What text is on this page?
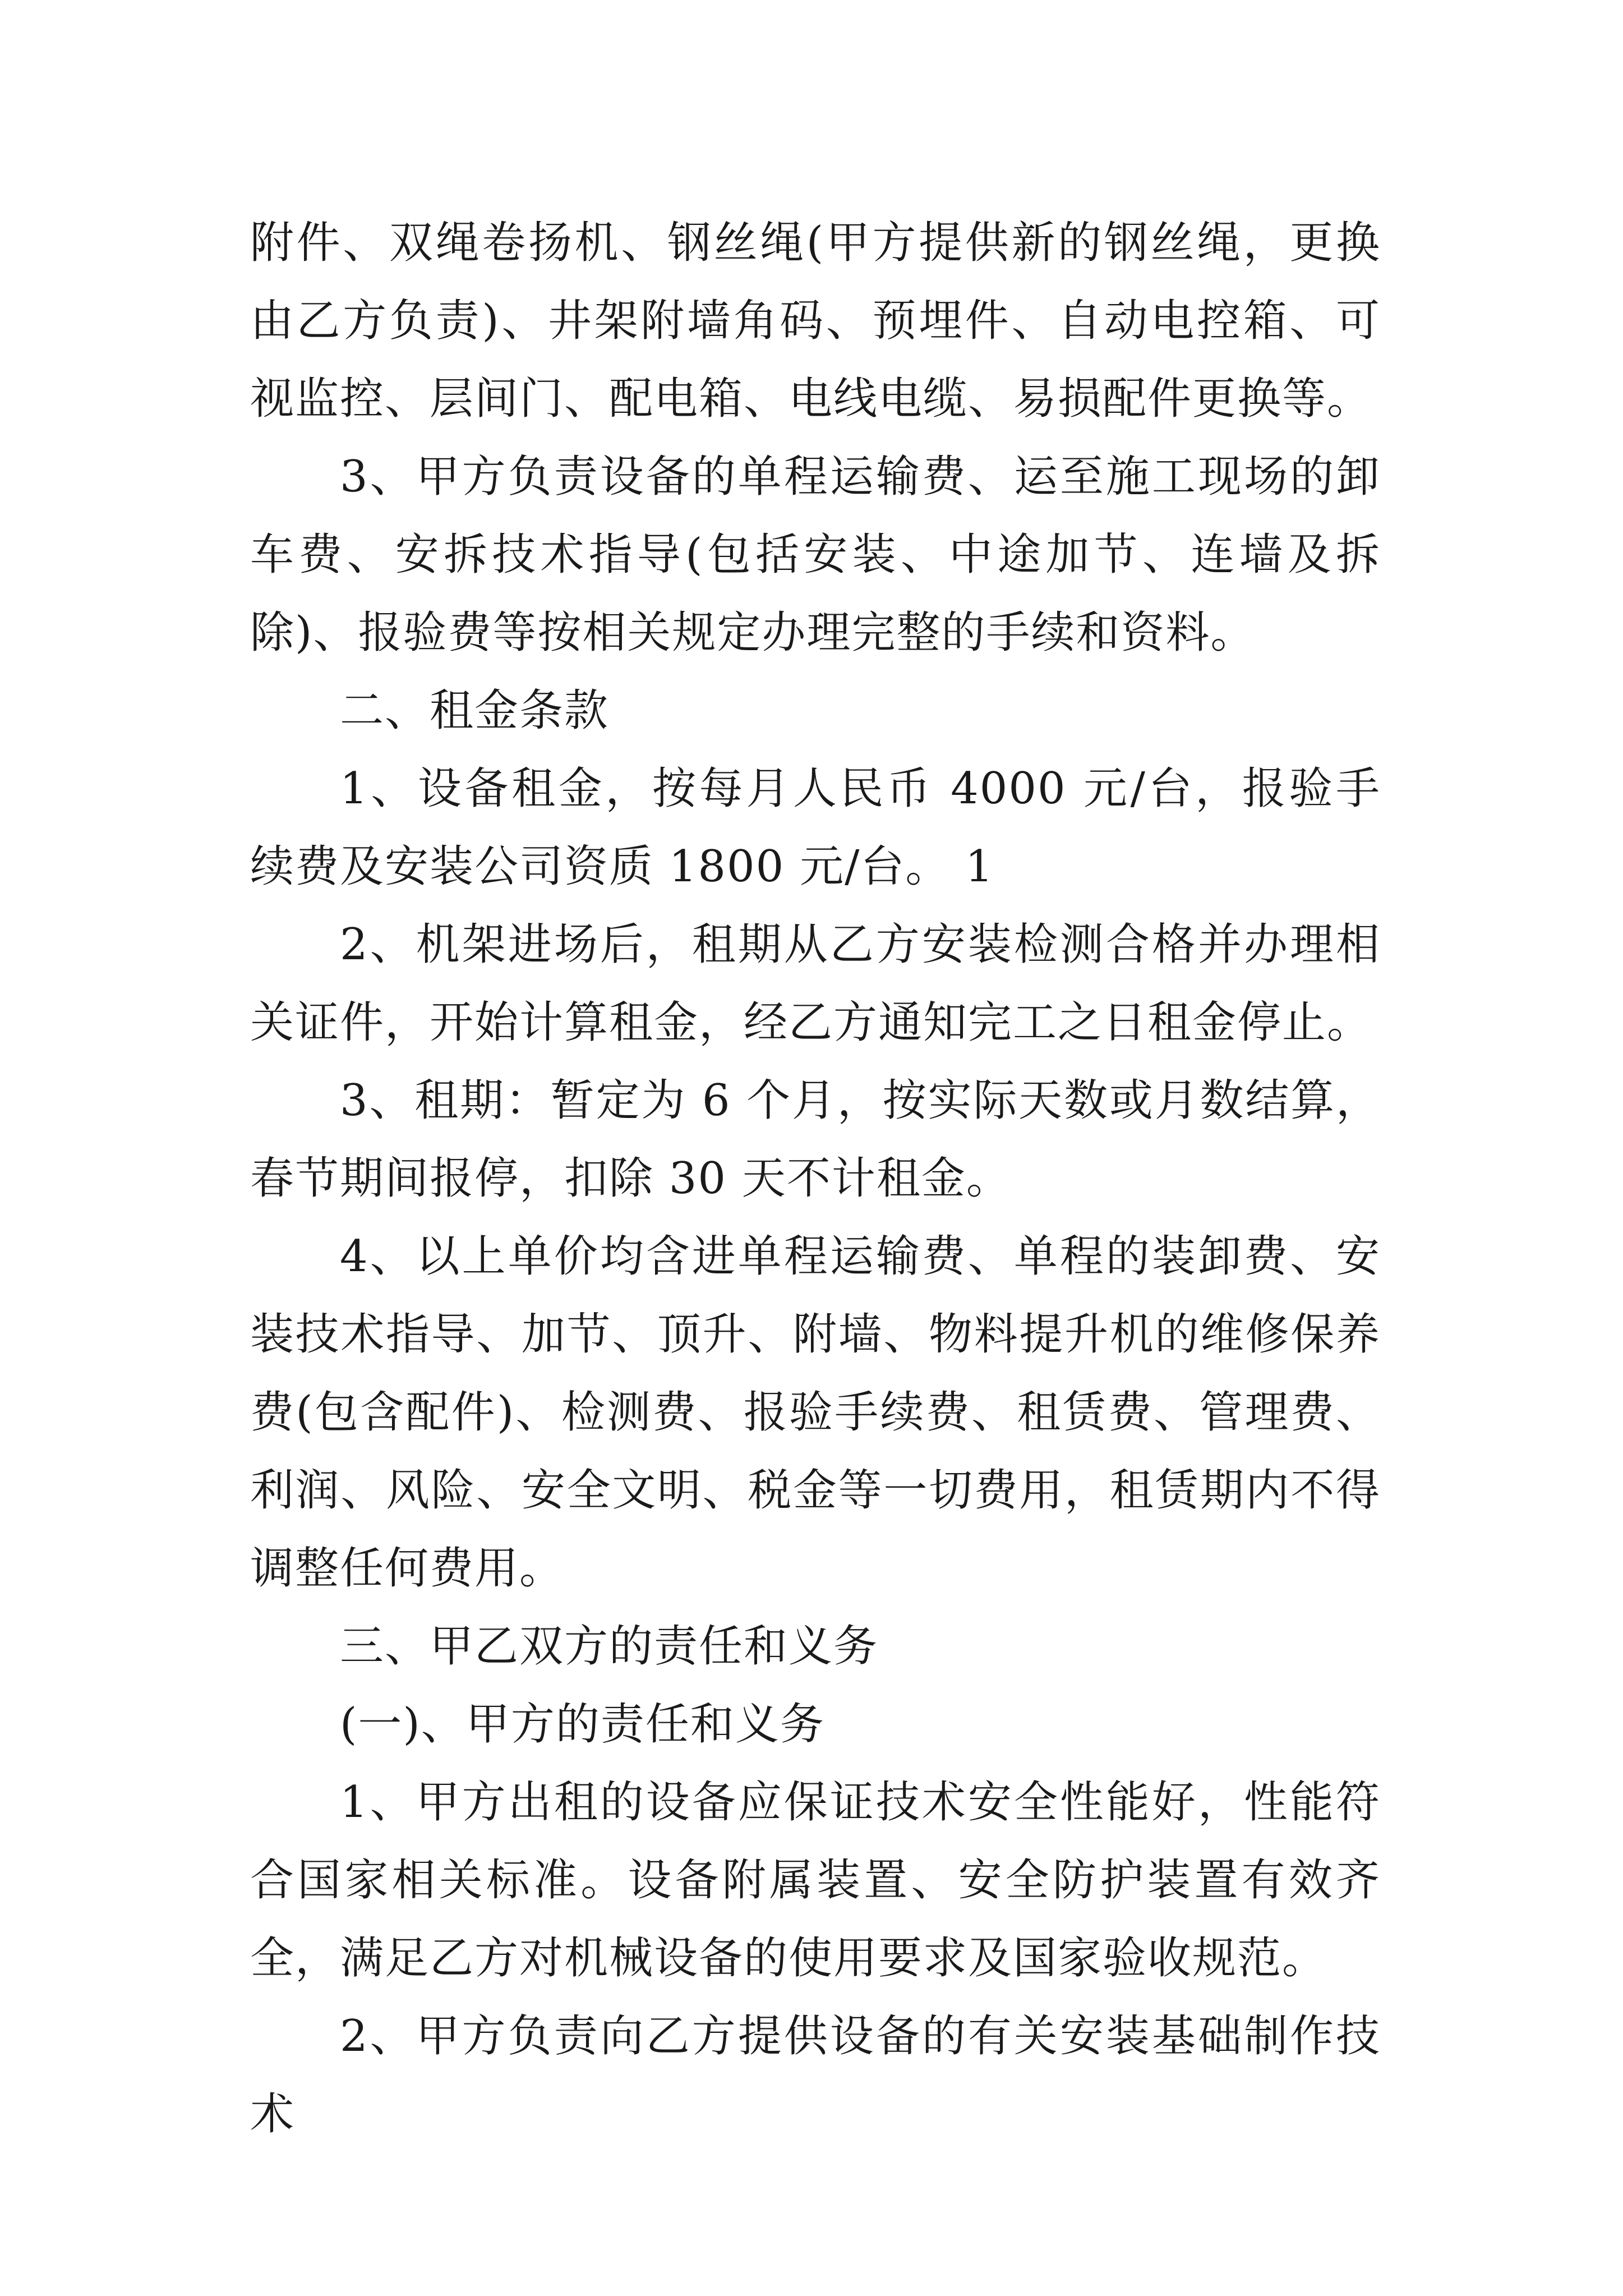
附件、双绳卷扬机、钢丝绳(甲方提供新的钢丝绳，更换由乙方负责)、井架附墙角码、预埋件、自动电控箱、可视监控、层间门、配电箱、电线电缆、易损配件更换等。

3、甲方负责设备的单程运输费、运至施工现场的卸车费、安拆技术指导(包括安装、中途加节、连墙及拆除)、报验费等按相关规定办理完整的手续和资料。

二、租金条款

1、设备租金，按每月人民币 4000 元/台，报验手续费及安装公司资质 1800 元/台。 1

2、机架进场后，租期从乙方安装检测合格并办理相关证件，开始计算租金，经乙方通知完工之日租金停止。

3、租期：暂定为 6 个月，按实际天数或月数结算，春节期间报停，扣除 30 天不计租金。

4、以上单价均含进单程运输费、单程的装卸费、安装技术指导、加节、顶升、附墙、物料提升机的维修保养费(包含配件)、检测费、报验手续费、租赁费、管理费、利润、风险、安全文明、税金等一切费用，租赁期内不得调整任何费用。

三、甲乙双方的责任和义务

(一)、甲方的责任和义务

1、甲方出租的设备应保证技术安全性能好，性能符合国家相关标准。设备附属装置、安全防护装置有效齐全，满足乙方对机械设备的使用要求及国家验收规范。

2、甲方负责向乙方提供设备的有关安装基础制作技术
